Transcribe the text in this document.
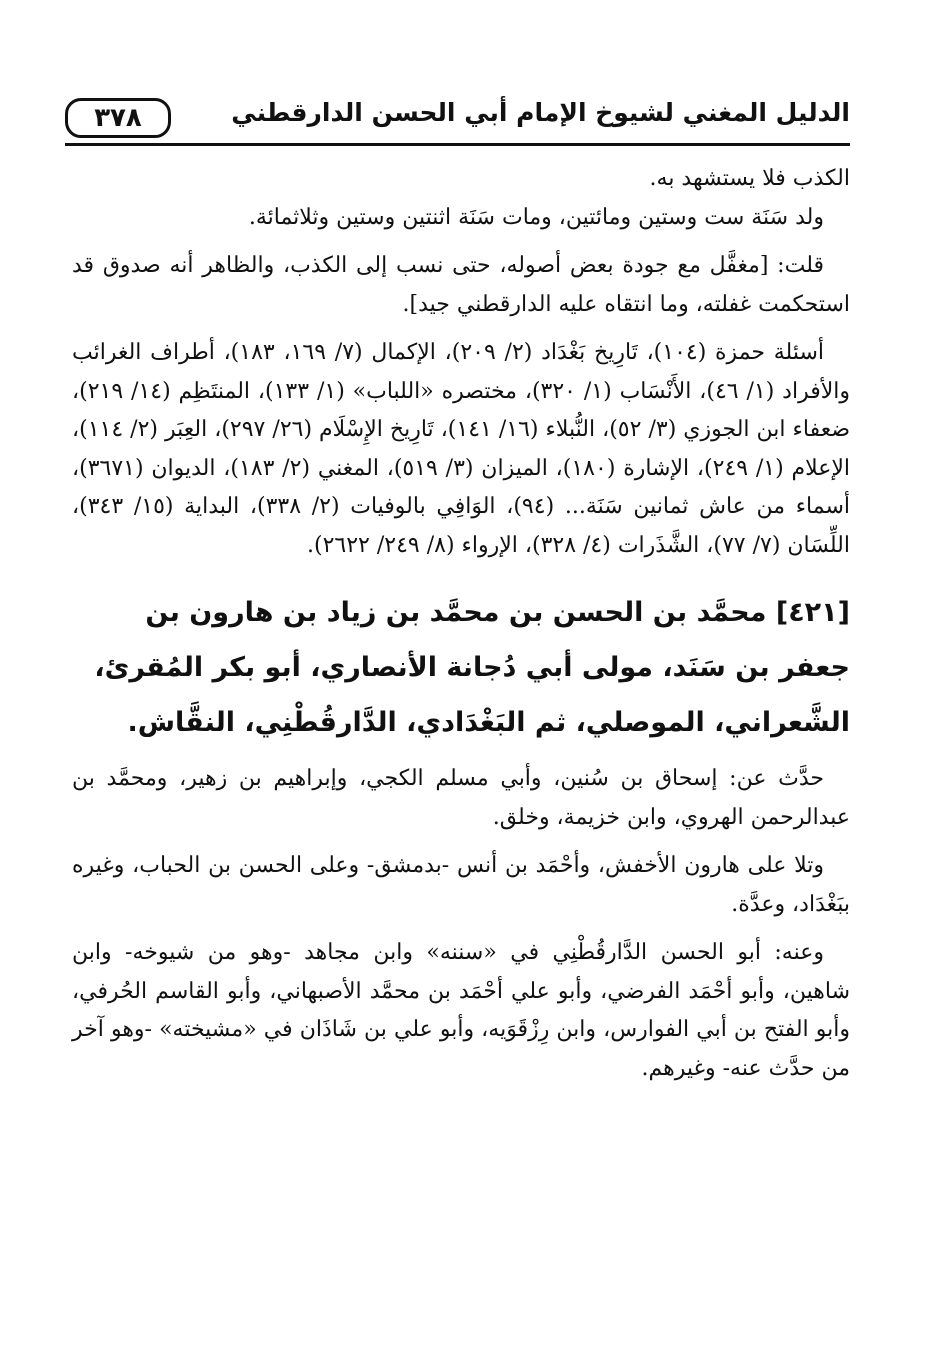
٣٧٨	الدليل المغني لشيوخ الإمام أبي الحسن الدارقطني

الكذب فلا يستشهد به.

ولد سَنَة ست وستين ومائتين، ومات سَنَة اثنتين وستين وثلاثمائة.

قلت: [مغفَّل مع جودة بعض أصوله، حتى نسب إلى الكذب، والظاهر أنه صدوق قد استحكمت غفلته، وما انتقاه عليه الدارقطني جيد].

أسئلة حمزة (١٠٤)، تَارِيخ بَغْدَاد (٢/ ٢٠٩)، الإكمال (٧/ ١٦٩، ١٨٣)، أطراف الغرائب والأفراد (١/ ٤٦)، الأَنْسَاب (١/ ٣٢٠)، مختصره «اللباب» (١/ ١٣٣)، المنتَظِم (١٤/ ٢١٩)، ضعفاء ابن الجوزي (٣/ ٥٢)، النُّبلاء (١٦/ ١٤١)، تَارِيخ الإِسْلَام (٢٦/ ٢٩٧)، العِبَر (٢/ ١١٤)، الإعلام (١/ ٢٤٩)، الإشارة (١٨٠)، الميزان (٣/ ٥١٩)، المغني (٢/ ١٨٣)، الديوان (٣٦٧١)، أسماء من عاش ثمانين سَنَة... (٩٤)، الوَافِي بالوفيات (٢/ ٣٣٨)، البداية (١٥/ ٣٤٣)، اللِّسَان (٧/ ٧٧)، الشَّذَرات (٤/ ٣٢٨)، الإرواء (٨/ ٢٤٩/ ٢٦٢٢).

[٤٢١] محمَّد بن الحسن بن محمَّد بن زياد بن هارون بن جعفر بن سَنَد، مولى أبي دُجانة الأنصاري، أبو بكر المُقرئ، الشَّعراني، الموصلي، ثم البَغْدَادي، الدَّارقُطْنِي، النقَّاش.

حدَّث عن: إسحاق بن سُنين، وأبي مسلم الكجي، وإبراهيم بن زهير، ومحمَّد بن عبدالرحمن الهروي، وابن خزيمة، وخلق.

وتلا على هارون الأخفش، وأحْمَد بن أنس -بدمشق- وعلى الحسن بن الحباب، وغيره ببَغْدَاد، وعدَّة.

وعنه: أبو الحسن الدَّارقُطْنِي في «سننه» وابن مجاهد -وهو من شيوخه- وابن شاهين، وأبو أحْمَد الفرضي، وأبو علي أحْمَد بن محمَّد الأصبهاني، وأبو القاسم الحُرفي، وأبو الفتح بن أبي الفوارس، وابن رِزْقَوَيه، وأبو علي بن شَاذَان في «مشيخته» -وهو آخر من حدَّث عنه- وغيرهم.
